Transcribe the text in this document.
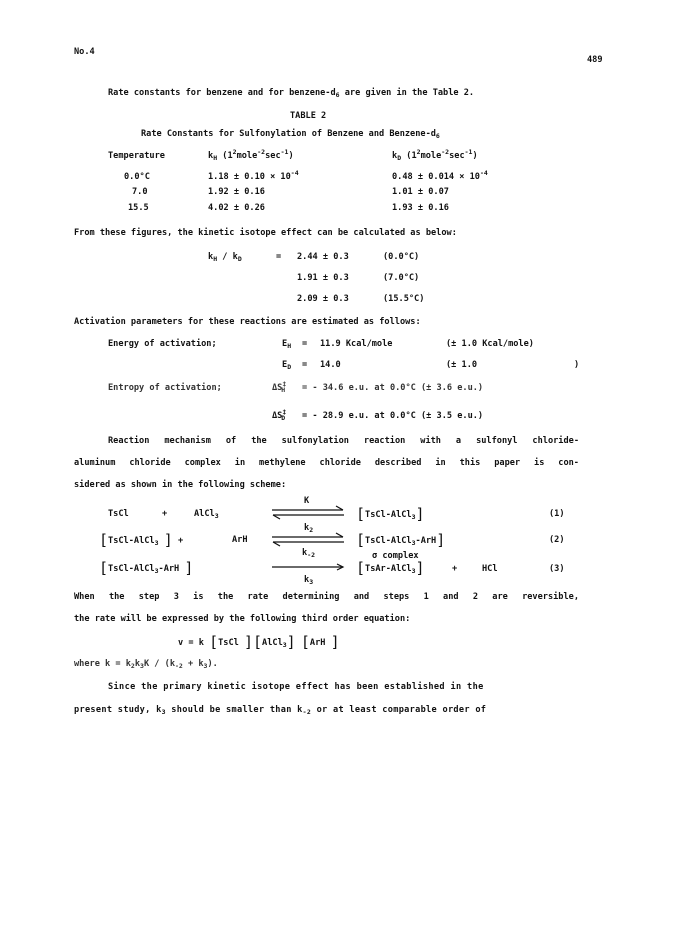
No.4
489
Rate constants for benzene and for benzene-$d_6$ are given in the Table 2.
TABLE 2
Rate Constants for Sulfonylation of Benzene and Benzene-$d_6$
Temperature	$k_H$ $(1^2mole^{-2}\sec^{-1})$	$k_D$ $(1^2mole^{-2}\sec^{-1})$
0.0°C	$1.18 \pm 0.10 \times 10^{-4}$	$0.48 \pm 0.014 \times 10^{-4}$
7.0	1.92 ± 0.16	1.01 ± 0.07
15.5	4.02 ± 0.26	1.93 ± 0.16
From these figures, the kinetic isotope effect can be calculated as below:
$k_H / k_D$	= 2.44 ± 0.3	(0.0°C)
1.91 ± 0.3	(7.0°C)
2.09 ± 0.3	(15.5°C)
Activation parameters for these reactions are estimated as follows:
Energy of activation;	$E_H = 11.9$ Kcal/mole	(± 1.0 Kcal/mole)
$E_D = 14.0$	(± 1.0	)
Entropy of activation;	$\Delta S^\ddagger_H$ = - 34.6 e.u. at 0.0°C (± 3.6 e.u.)
$\Delta S^\ddagger_D$ = - 28.9 e.u. at 0.0°C (± 3.5 e.u.)
Reaction mechanism of the sulfonylation reaction with a sulfonyl chloride-
aluminum chloride complex in methylene chloride described in this paper is con-
sidered as shown in the following scheme:
TsCl	+	AlCl$_3$
K
[TsCl-AlCl$_3$]	(1)
[TsCl-AlCl$_3$ ] +	ArH
$k_2$
$k_{-2}$
[TsCl-AlCl$_3$-ArH]	(2)
σ complex
[TsCl-AlCl$_3$-ArH ]
$k_3$
[TsAr-AlCl$_3$]	+	HCl	(3)
When the step 3 is the rate determining and steps 1 and 2 are reversible,
the rate will be expressed by the following third order equation:
v = k [TsCl ][AlCl$_3$] [ArH ]
where $k = k_2k_3K / (k_{-2} + k_3)$.
Since the primary kinetic isotope effect has been established in the
present study, $k_3$ should be smaller than $k_{-2}$ or at least comparable order of
